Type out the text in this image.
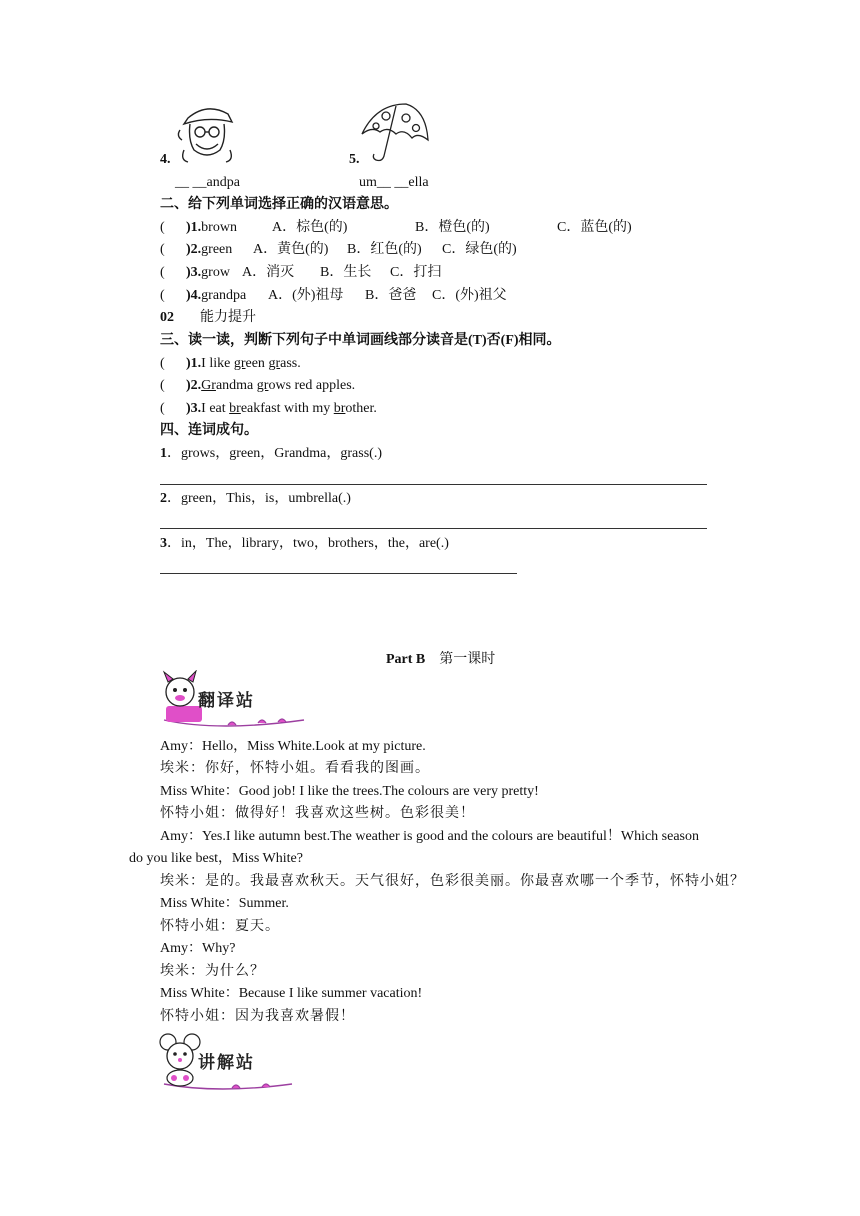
4.	5.
__ __andpa	um__ __ella
二、给下列单词选择正确的汉语意思。
( )1.brown	A．棕色(的)	B．橙色(的)	C．蓝色(的)
( )2.green A．黄色(的) B．红色(的) C．绿色(的)
( )3.grow A．消灭 B．生长 C．打扫
( )4.grandpa A．(外)祖母 B．爸爸 C．(外)祖父
02 能力提升
三、读一读，判断下列句子中单词画线部分读音是(T)否(F)相同。
( )1.I like green grass.
( )2.Grandma grows red apples.
( )3.I eat breakfast with my brother.
四、连词成句。
1．grows，green，Grandma，grass(.)
2．green，This，is，umbrella(.)
3．in，The，library，two，brothers，the，are(.)
Part B 第一课时
翻译站
Amy：Hello，Miss White.Look at my picture.
埃米：你好，怀特小姐。看看我的图画。
Miss White：Good job! I like the trees.The colours are very pretty!
怀特小姐：做得好！我喜欢这些树。色彩很美！
Amy：Yes.I like autumn best.The weather is good and the colours are beautiful！Which season
do you like best，Miss White?
埃米：是的。我最喜欢秋天。天气很好，色彩很美丽。你最喜欢哪一个季节，怀特小姐？
Miss White：Summer.
怀特小姐：夏天。
Amy：Why?
埃米：为什么？
Miss White：Because I like summer vacation!
怀特小姐：因为我喜欢暑假！
讲解站
